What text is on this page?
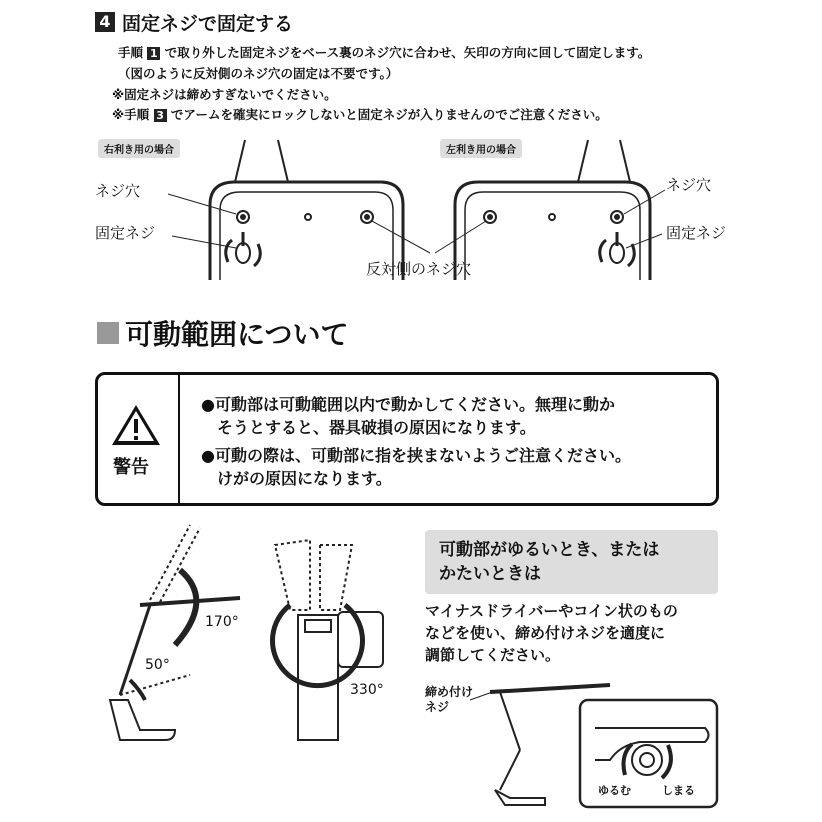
4 固定ネジで固定する
手順 1 で取り外した固定ネジをベース裏のネジ穴に合わせ、矢印の方向に回して固定します。
（図のように反対側のネジ穴の固定は不要です。）
※固定ネジは締めすぎないでください。
※手順 3 でアームを確実にロックしないと固定ネジが入りませんのでご注意ください。
右利き用の場合	左利き用の場合
ネジ穴
固定ネジ
反対側のネジ穴
ネジ穴
固定ネジ
可動範囲について
警告
●可動部は可動範囲以内で動かしてください。無理に動か
そうとすると、器具破損の原因になります。
●可動の際は、可動部に指を挟まないようご注意ください。
けがの原因になります。
170°
50°
330°
可動部がゆるいとき、または
かたいときは
マイナスドライバーやコイン状のもの
などを使い、締め付けネジを適度に
調節してください。
締め付け
ネジ
ゆるむ	しまる
